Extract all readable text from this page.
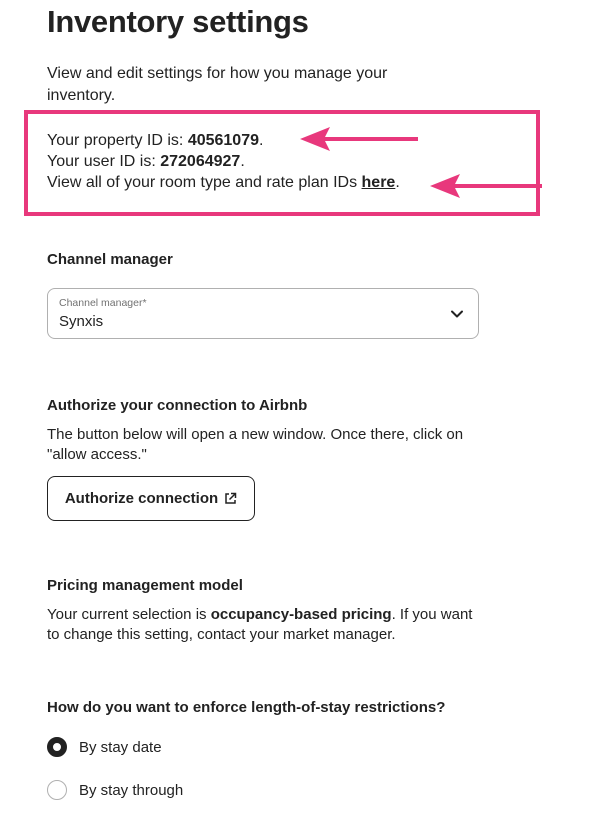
Inventory settings
View and edit settings for how you manage your inventory.
Your property ID is: 40561079.
Your user ID is: 272064927.
View all of your room type and rate plan IDs here.
Channel manager
Channel manager*
Synxis
Authorize your connection to Airbnb
The button below will open a new window. Once there, click on "allow access."
Authorize connection
Pricing management model
Your current selection is occupancy-based pricing. If you want to change this setting, contact your market manager.
How do you want to enforce length-of-stay restrictions?
By stay date
By stay through
